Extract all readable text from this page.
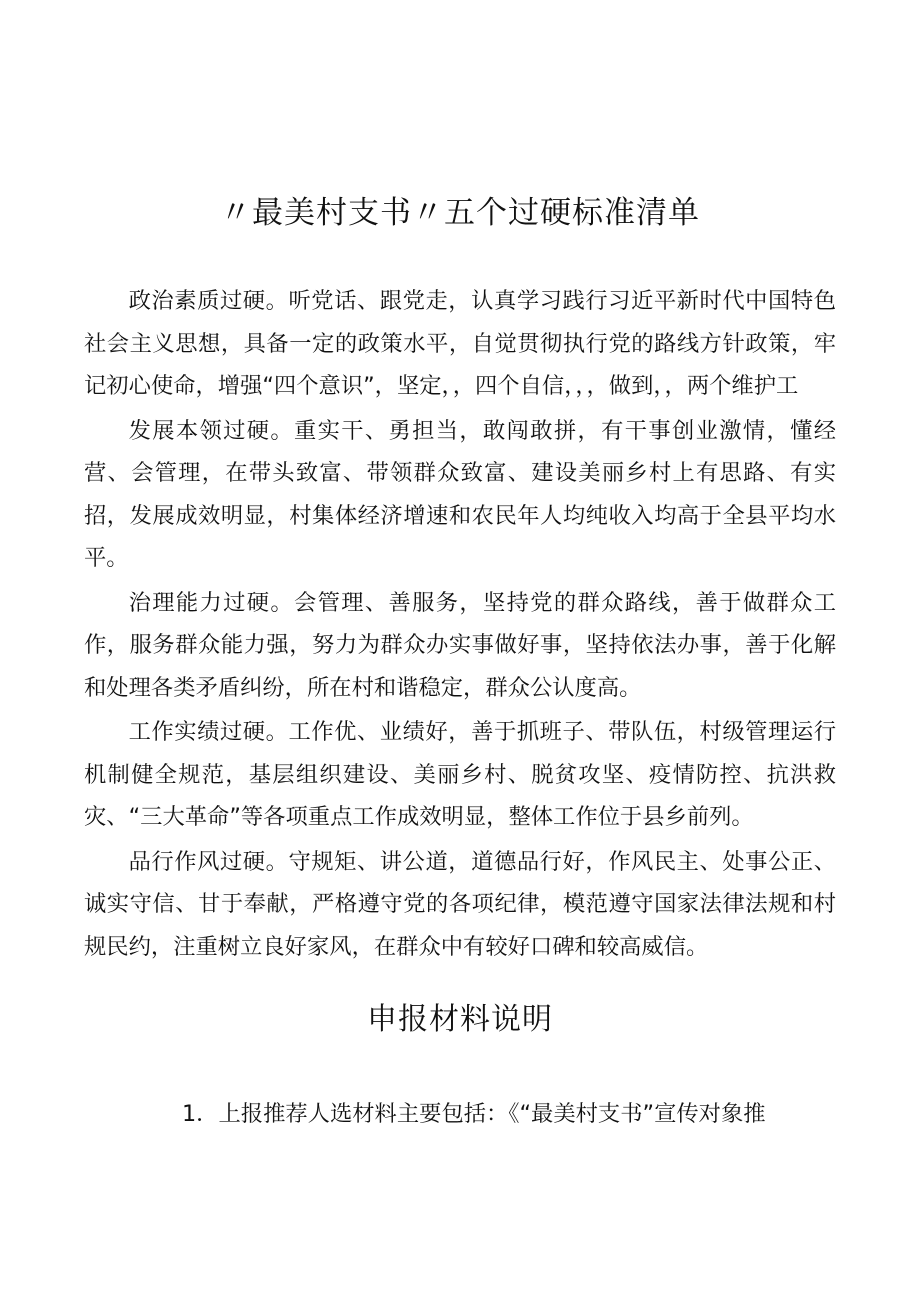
〃最美村支书〃五个过硬标准清单

政治素质过硬。听党话、跟党走，认真学习践行习近平新时代中国特色社会主义思想，具备一定的政策水平，自觉贯彻执行党的路线方针政策，牢记初心使命，增强“四个意识”，坚定，，四个自信，，，做到，，两个维护工

发展本领过硬。重实干、勇担当，敢闯敢拼，有干事创业激情，懂经营、会管理，在带头致富、带领群众致富、建设美丽乡村上有思路、有实招，发展成效明显，村集体经济增速和农民年人均纯收入均高于全县平均水平。

治理能力过硬。会管理、善服务，坚持党的群众路线，善于做群众工作，服务群众能力强，努力为群众办实事做好事，坚持依法办事，善于化解和处理各类矛盾纠纷，所在村和谐稳定，群众公认度高。

工作实绩过硬。工作优、业绩好，善于抓班子、带队伍，村级管理运行机制健全规范，基层组织建设、美丽乡村、脱贫攻坚、疫情防控、抗洪救灾、“三大革命”等各项重点工作成效明显，整体工作位于县乡前列。

品行作风过硬。守规矩、讲公道，道德品行好，作风民主、处事公正、诚实守信、甘于奉献，严格遵守党的各项纪律，模范遵守国家法律法规和村规民约，注重树立良好家风，在群众中有较好口碑和较高威信。

申报材料说明

1．上报推荐人选材料主要包括：《“最美村支书”宣传对象推
